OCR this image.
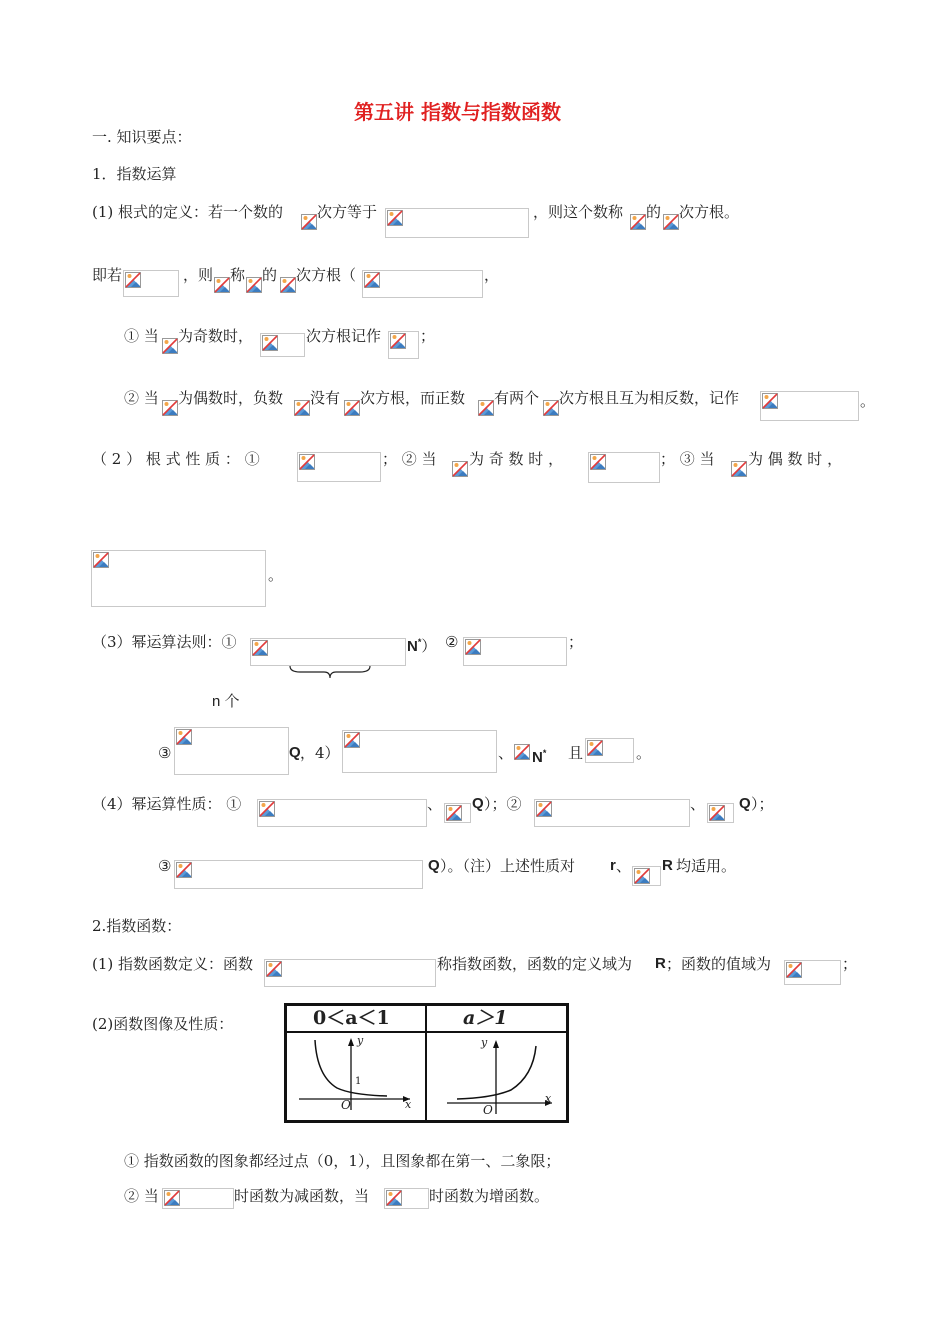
第五讲 指数与指数函数
一. 知识要点：
1．指数运算
(1) 根式的定义：若一个数的 次方等于	，则这个数称 的 次方根。
即若	，则 称 的 次方根（	，
① 当 为奇数时，	次方根记作	；
② 当 为偶数时，负数 没有 次方根，而正数 有两个 次方根且互为相反数，记作	。
（ 2 ） 根 式 性 质 ： ①	； ② 当 为 奇 数 时 ，	； ③ 当 为 偶 数 时 ，
。
（3）幂运算法则：①	N*） ②	；
n 个
③	Q ，4）	、 N* 且	。
（4）幂运算性质： ①	、 Q ）；②	、 Q ）；
③	Q ）。（注）上述性质对 r 、 R 均适用。
2.指数函数：
(1) 指数函数定义：函数	称指数函数，函数的定义域为 R ；函数的值域为	；
(2)函数图像及性质：	0＜a＜1	a＞1
y
x
O
1
y
x
O
① 指数函数的图象都经过点（0，1），且图象都在第一、二象限；
② 当	时函数为减函数，当	时函数为增函数。
